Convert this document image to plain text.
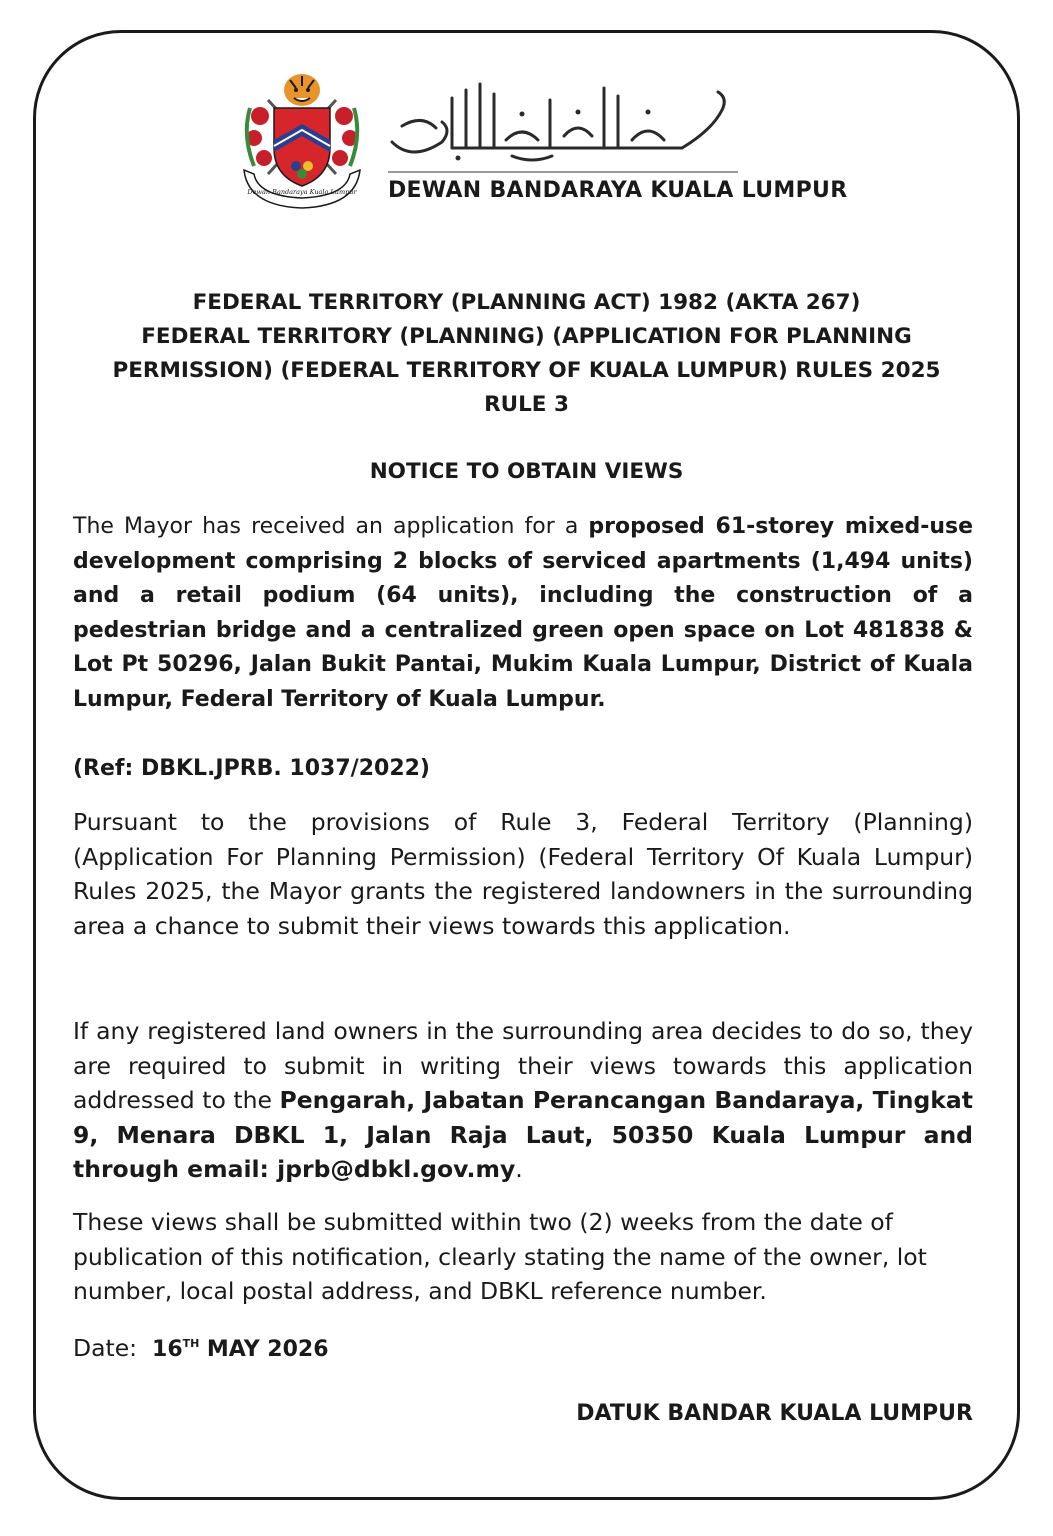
Dewan Bandaraya Kuala Lumpur DEWAN BANDARAYA KUALA LUMPUR
FEDERAL TERRITORY (PLANNING ACT) 1982 (AKTA 267)
FEDERAL TERRITORY (PLANNING) (APPLICATION FOR PLANNING
PERMISSION) (FEDERAL TERRITORY OF KUALA LUMPUR) RULES 2025
RULE 3
NOTICE TO OBTAIN VIEWS
The Mayor has received an application for a proposed 61-storey mixed-use development comprising 2 blocks of serviced apartments (1,494 units) and a retail podium (64 units), including the construction of a pedestrian bridge and a centralized green open space on Lot 481838 & Lot Pt 50296, Jalan Bukit Pantai, Mukim Kuala Lumpur, District of Kuala Lumpur, Federal Territory of Kuala Lumpur.
(Ref: DBKL.JPRB. 1037/2022)
Pursuant to the provisions of Rule 3, Federal Territory (Planning) (Application For Planning Permission) (Federal Territory Of Kuala Lumpur) Rules 2025, the Mayor grants the registered landowners in the surrounding area a chance to submit their views towards this application.
If any registered land owners in the surrounding area decides to do so, they are required to submit in writing their views towards this application addressed to the Pengarah, Jabatan Perancangan Bandaraya, Tingkat 9, Menara DBKL 1, Jalan Raja Laut, 50350 Kuala Lumpur and through email: jprb@dbkl.gov.my.
These views shall be submitted within two (2) weeks from the date of publication of this notification, clearly stating the name of the owner, lot number, local postal address, and DBKL reference number.
Date: 16TH MAY 2026
DATUK BANDAR KUALA LUMPUR
